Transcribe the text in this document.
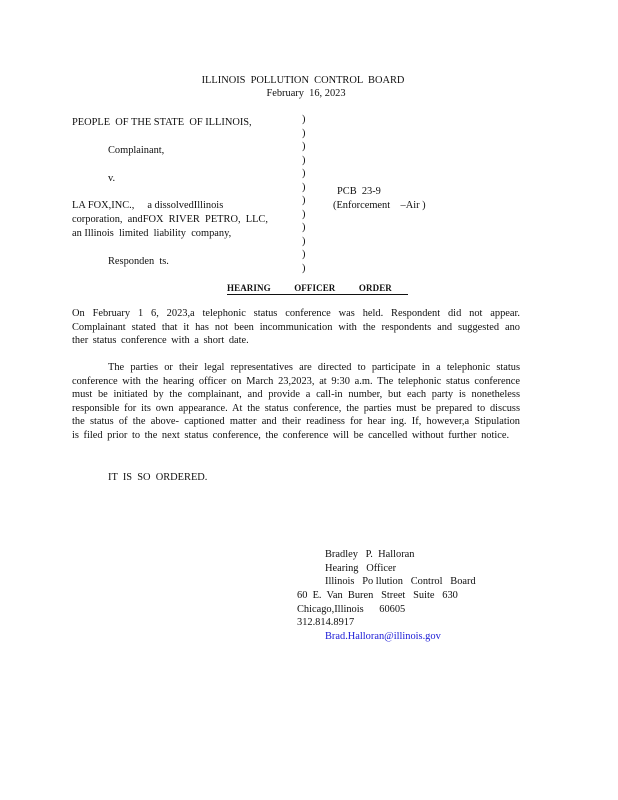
ILLINOIS  POLLUTION  CONTROL  BOARD
February  16, 2023
PEOPLE  OF THE STATE  OF ILLINOIS,
Complainant,
v.
LA FOX,INC.,     a dissolvedIllinois
corporation,  andFOX  RIVER  PETRO,  LLC,
an Illinois  limited  liability  company,
Responden  ts.
)
)
)
)
)
)
)
)
)
)
)
)
PCB  23-9
(Enforcement    –Air )
HEARING          OFFICER          ORDER
On February 1 6, 2023,a telephonic status conference was held. Respondent did not appear. Complainant stated that it has not been incommunication with the respondents and suggested ano ther status conference with a short date.
The parties or their legal representatives are directed to participate in a telephonic status conference with the hearing officer on March 23,2023, at 9:30 a.m. The telephonic status conference must be initiated by the complainant, and provide a call-in number, but each party is nonetheless responsible for its own appearance. At the status conference, the parties must be prepared to discuss the status of the above- captioned matter and their readiness for hear ing. If, however,a Stipulation is filed prior to the next status conference, the conference will be cancelled without further notice.
IT  IS  SO  ORDERED.
Bradley   P.  Halloran
Hearing   Officer
Illinois   Po llution   Control   Board
60  E.  Van  Buren   Street   Suite   630
Chicago,Illinois      60605
312.814.8917
Brad.Halloran@illinois.gov
